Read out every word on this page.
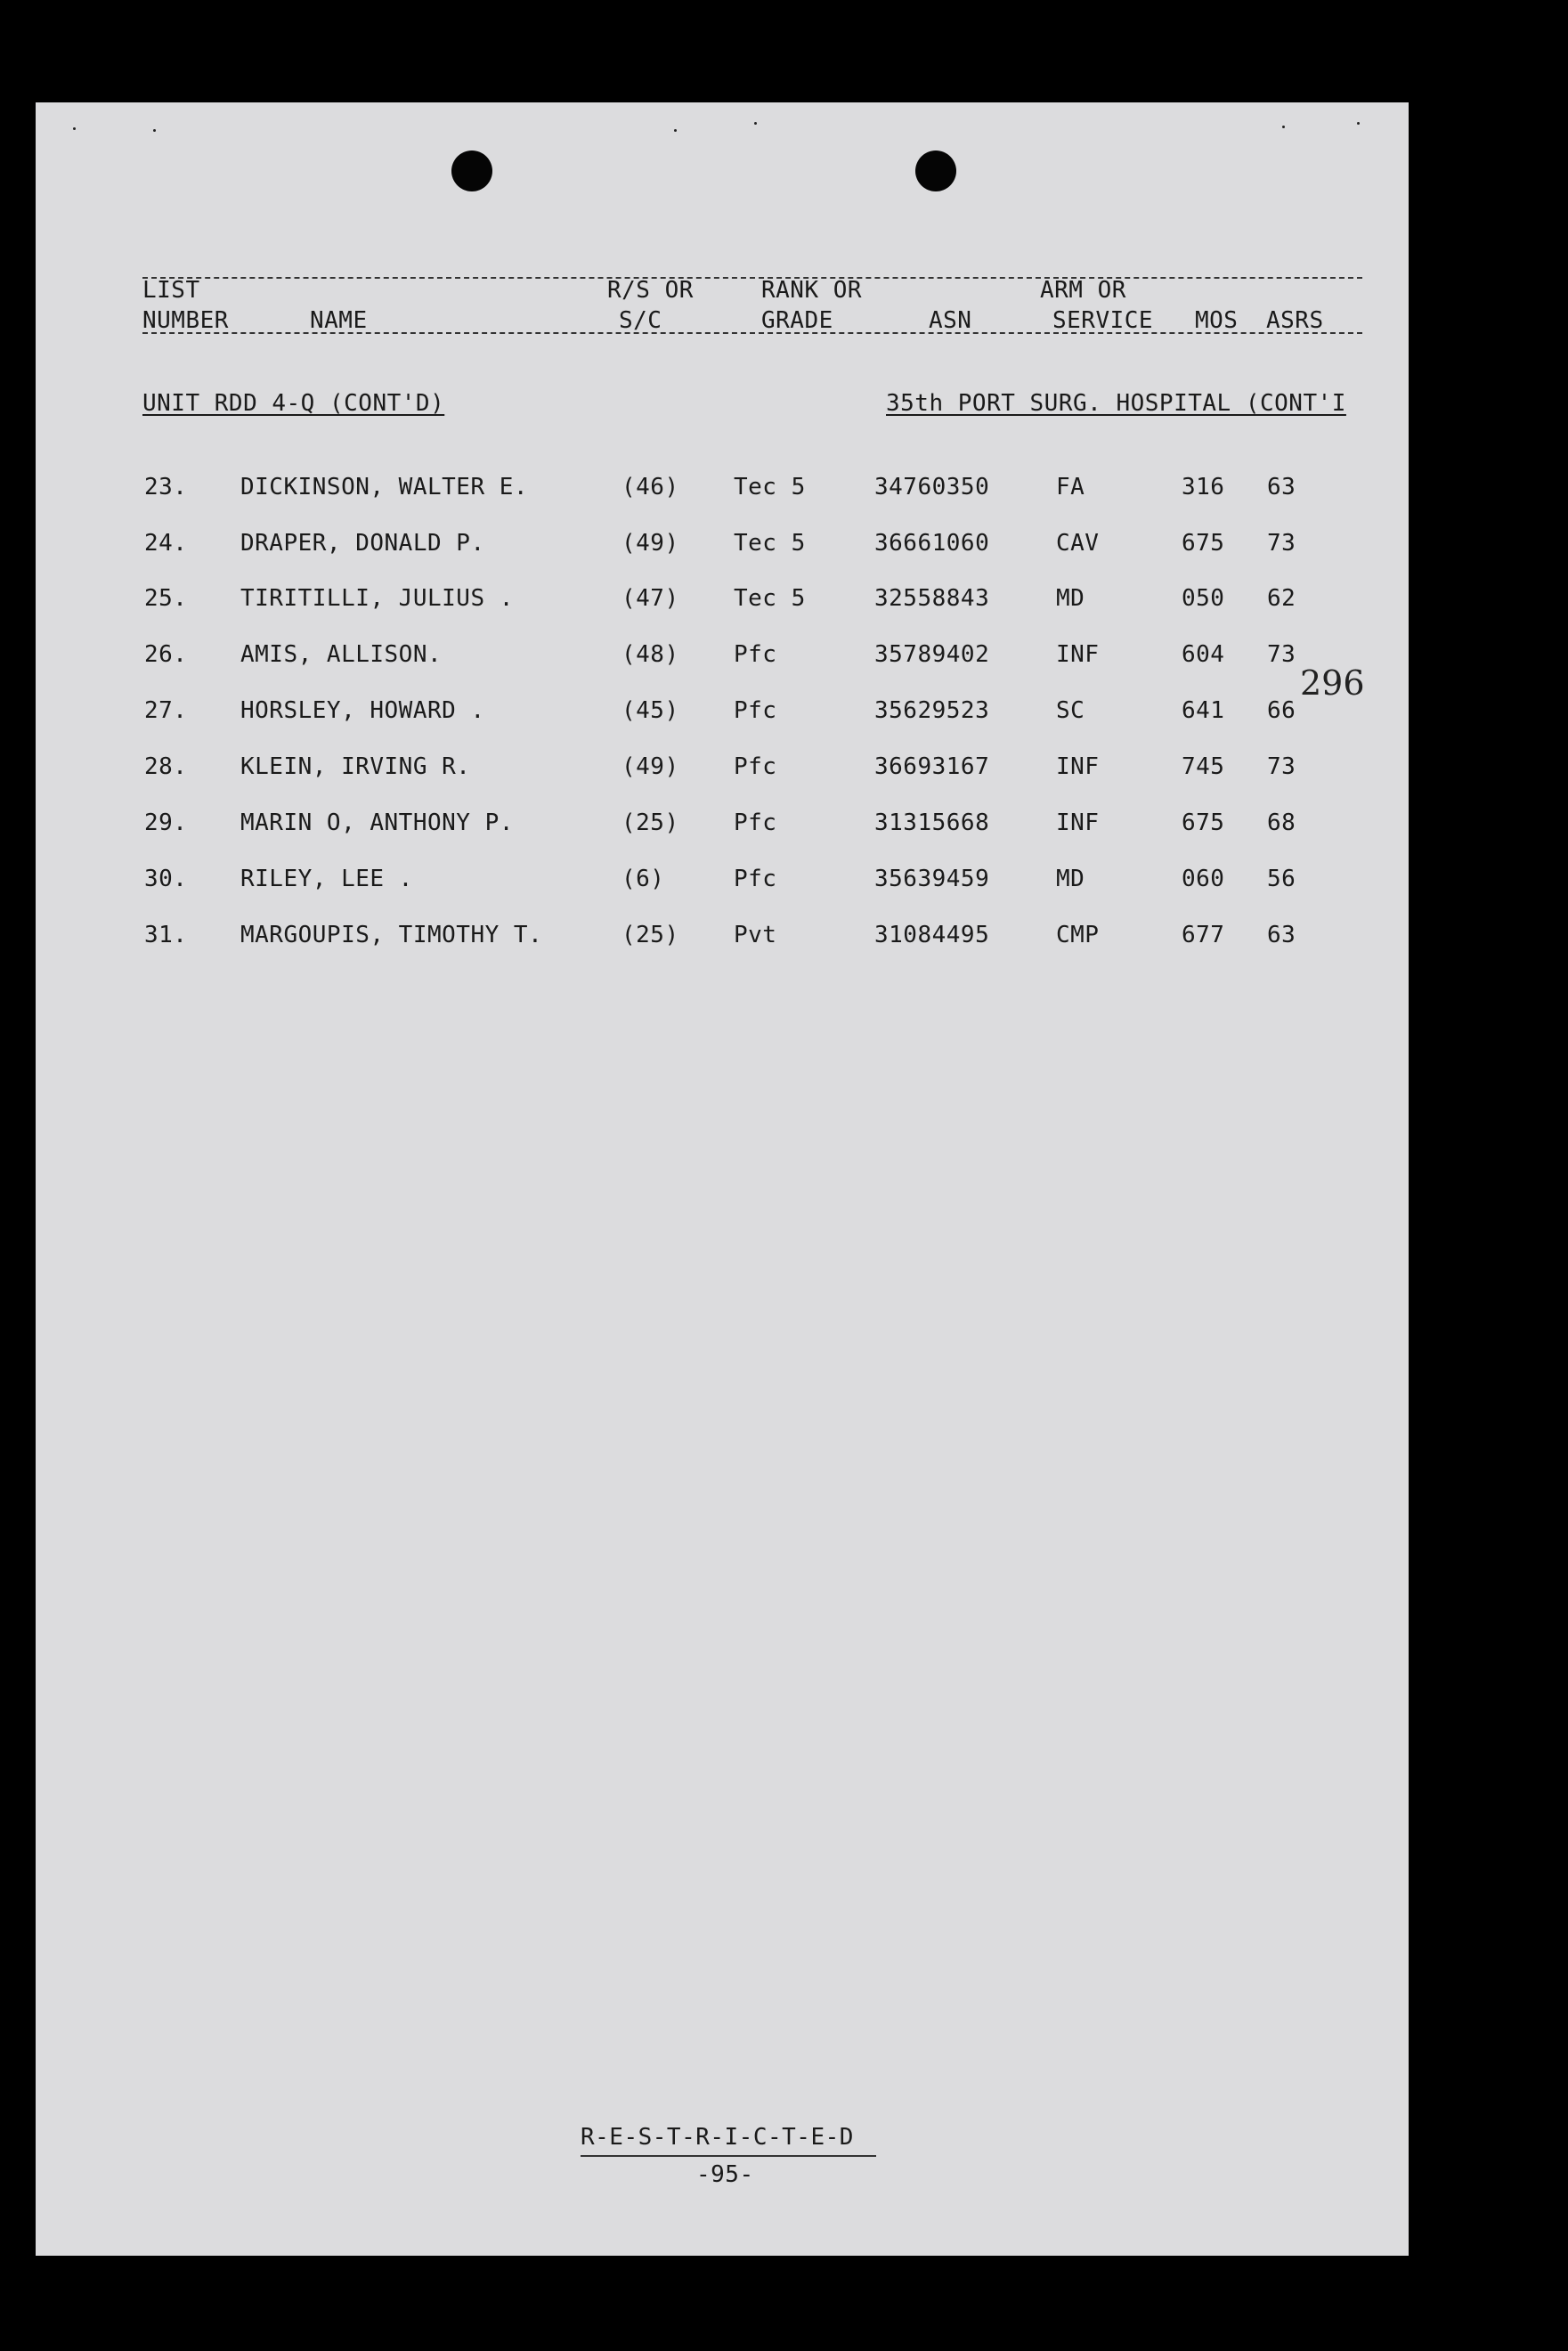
LIST	R/S OR	RANK OR	ARM OR
NUMBER	NAME	S/C	GRADE	ASN	SERVICE MOS ASRS
UNIT RDD 4-Q (CONT'D)	35th PORT SURG. HOSPITAL (CONT'I
296
23. DICKINSON, WALTER E.	(46) Tec 5	34760350	FA	316 63
24. DRAPER, DONALD P.	(49) Tec 5	36661060	CAV	675 73
25. TIRITILLI, JULIUS .	(47) Tec 5	32558843	MD	050 62
26. AMIS, ALLISON.	(48) Pfc	35789402	INF	604 73
27. HORSLEY, HOWARD .	(45) Pfc	35629523	SC	641 66
28. KLEIN, IRVING R.	(49) Pfc	36693167	INF	745 73
29. MARIN O, ANTHONY P.	(25) Pfc	31315668	INF	675 68
30. RILEY, LEE .	(6)	Pfc	35639459	MD	060 56
31. MARGOUPIS, TIMOTHY T.	(25) Pvt	31084495	CMP	677 63
R-E-S-T-R-I-C-T-E-D
-95-
